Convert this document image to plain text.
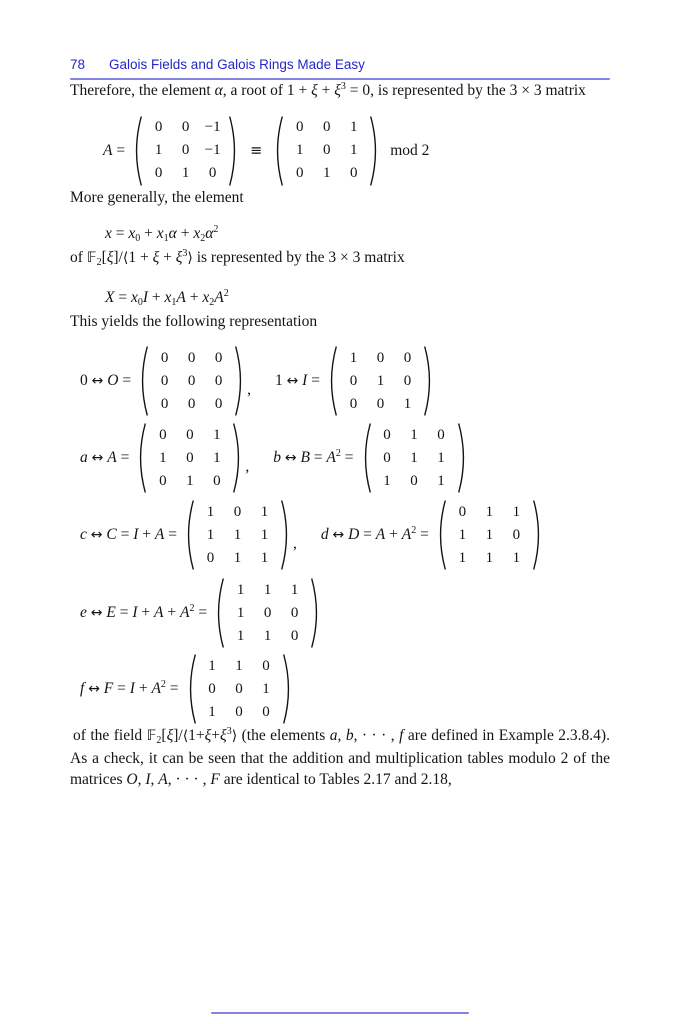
78 Galois Fields and Galois Rings Made Easy

Therefore, the element α, a root of $1 + \xi + \xi^3 = 0$, is represented by the 3 × 3 matrix

A =
0 0 −1
1 0 −1
0 1 0
≡
0 0 1
1 0 1
0 1 0
mod 2

More generally, the element

$x = x_0 + x_1\alpha + x_2\alpha^2$

of 𝔽$_2$[ξ]/⟨1 + $\xi + \xi^3⟩$ is represented by the 3 × 3 matrix

$X = x_0I + x_1A + x_2A^2$

This yields the following representation

0 ↔ O =
0 0 0
0 0 0
0 0 0
,
1 ↔ I =
1 0 0
0 1 0
0 0 1
a ↔ A =
0 0 1
1 0 1
0 1 0
,
b ↔ $B = A^2$ =
0 1 0
0 1 1
1 0 1
c ↔ C = I + A =
1 0 1
1 1 1
0 1 1
,
d ↔ $D = A + A^2$ =
0 1 1
1 1 0
1 1 1
e ↔ $E = I + A + A^2$ =
1 1 1
1 0 0
1 1 0
f ↔ $F = I + A^2$ =
1 1 0
0 0 1
1 0 0

of the field $𝔽_2[\xi]/⟨1+\xi+\xi^3⟩$ (the elements a, b, · · · , f are defined in Example 2.3.8.4). As a check, it can be seen that the addition and multiplication tables modulo 2 of the matrices O, I, A, · · · , F are identical to Tables 2.17 and 2.18,
